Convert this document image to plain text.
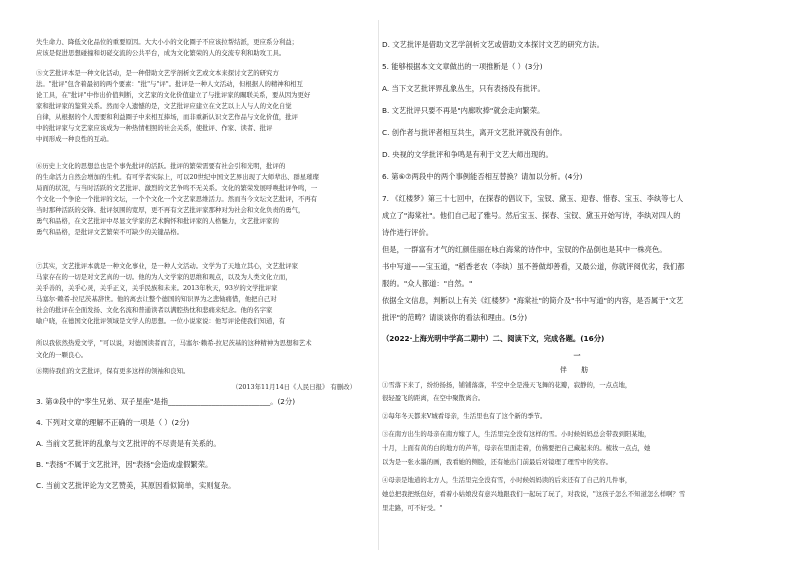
失生命力、降低文化品位的重要原因。大大小小的文化圈子不应该拉帮结派，更应系分利益；
应该是促进思想碰撞和切磋交流的公共平台，成为文化繁荣的人的交流专利和助攻工具。
⑤文艺批评本是一种文化活动，是一种借助文艺学剖析文艺或文本来探讨文艺的研究方
法。"批评"包含着最初的两个要素："批"与"评"。批评是一种人文活动，但根据人的精神和相互
论工具，在"批评"中作出价值判断，文艺家的文化价值建立了与批评家的關联关系，要从因为更好
家和批评家的鉴赏关系。然而令人遗憾的是，文艺批评应建立在文艺以上人与人的文化自觉
自律，从根据的个人需要和利益圈子中来相互捧场，而非重新认识文艺作品与文化价值，批评
中的批评家与文艺家应该成为一种热情相照的社会关系，使批评、作家、读者、批评
中间形成一种良性的互动。
⑥历史上文化的思想总也是个事先批评的活跃。批评的繁荣需要有社会引和光明，批评的
的生命活力自然会增加的生机。有可学者实际上，可以20世纪中国文艺界出现了大师辈出、群星璀璨
局面的状况，与当时活跃的文艺批评、激烈的文艺争鸣不无关系。文化的繁荣发展呼唤批评争鸣，一
个文化一个争论一个批评的文坛，一个个文化一个文艺家思维活力。然而当今文坛文艺批评，不再有
当时那种活跃的交锋、批评氛围的宽厚，更不再有文艺批评家那种对为社会和文化负责的勇气，
勇气和品格，在文艺批评中尽显文学家的艺术胸怀和批评家的人格魅力，文艺批评家的
勇气和品格，是批评文艺繁荣不可缺少的关键品格。
⑦其实，文艺批评本就是一种文化事业，是一种人文活动。文学为了天地立其心，文艺批评家
马家存在的一切是对文艺真的一切。他的为人文学家的思维和观点，以及为人类文化立而，
关乎善的，关乎心灵，关乎正义，关乎民族和未来。2013年秋天，93岁的文学批评家
马塞尔·赖希-拉尼茨基辞世。他的离去让整个德国的知识界为之悲恸痛惜，他把自己对
社会的批评在全面发扬、文化名流和普通读者以满腔热忱和悲痛来纪念。他的名字家
喻户晓，在德国文化批评领域是文学人的思想。一位小说家说：他写评论使我们知道，有
所以我依然热爱文学，"可以说，对德国读者而言，马塞尔·赖希-拉尼茨基的这种精神为思想和艺术
文化的一颗良心。
⑧期待我们的文艺批评，保有更多这样的领袖和良知。
（2013年11月14日《人民日报》 有删改）
3. 第③段中的"孪生兄弟、双子星座"是指____________________________。(2分)
4. 下列对文章的理解不正确的一项是（ ）(2分)
A. 当前文艺批评的乱象与文艺批评的不尽责是有关系的。
B. "表扬"不属于文艺批评，因"表扬"会造成虚假繁荣。
C. 当前文艺批评论为文艺赞美，其原因看似简单，实则复杂。
D. 文艺批评是借助文艺学剖析文艺或借助文本探讨文艺的研究方法。
5. 能够根据本文文章做出的一项推断是（ ）(3分)
A. 当下文艺批评界乱象丛生，只有表扬没有批评。
B. 文艺批评只要不再是"内廊吹捧"就会走向繁荣。
C. 创作者与批评者相互共生，离开文艺批评就没有创作。
D. 央视的文学批评和争鸣是有利于文艺大师出现的。
6. 第⑥⑦两段中的两个事例能否相互替换？请加以分析。(4分)
7. 《红楼梦》第三十七回中，在探春的倡议下，宝钗、黛玉、迎春、惜春、宝玉、李纨等七人
成立了"海棠社"。他们自己起了雅号。然后宝玉、探春、宝钗、黛玉开始写诗，李纨对四人的
诗作进行评价。
但是，一群富有才气的红颜佳丽在咏白海棠的诗作中，宝钗的作品倒也是其中一株亮色。
书中写道——宝玉道，"稻香老农（李纨）虽不善做却善看，又最公道，你就评阅优劣，我们都
服的。"众人都道："自然。"
依据全文信息，判断以上有关《红楼梦》"海棠社"的简介及"书中写道"的内容，是否属于"文艺
批评"的范畴？请谈谈你的看法和理由。(5分)
（2022·上海光明中学高二期中）二、阅读下文，完成各题。(16分)
一
伴 舫
①雪落下来了，纷纷扬扬，铺铺落落，半空中全是漫天飞舞的花瓣，寂静的，一点点地，
很轻盈飞的距离，在空中聚散离合。
②每年冬天都来V城看母亲，生活里也有了这个新的季节。
③在南方出生的母亲在南方嫁了人，生活里完全没有这样的雪。小时候妈妈总会带我到阳某地，
十月，上面有黄的白的地方的芦苇，母亲在里面走着，仿佛要把自己藏起来的。梳妆一点点，她
以为是一张水墨的画，我看她的侧脸，还有她出门前最后对镜理了理雪中的笑容。
④母亲是地道的北方人，生活里完全没有雪，小时候妈妈读的后来还有了自己的几件事，
她总把我把纸包好，看着小姑娘没有意兴地跟我们一起玩了玩了，对我说，"这孩子怎么不知道怎么样啊？雪
里走路，可不好受。"
